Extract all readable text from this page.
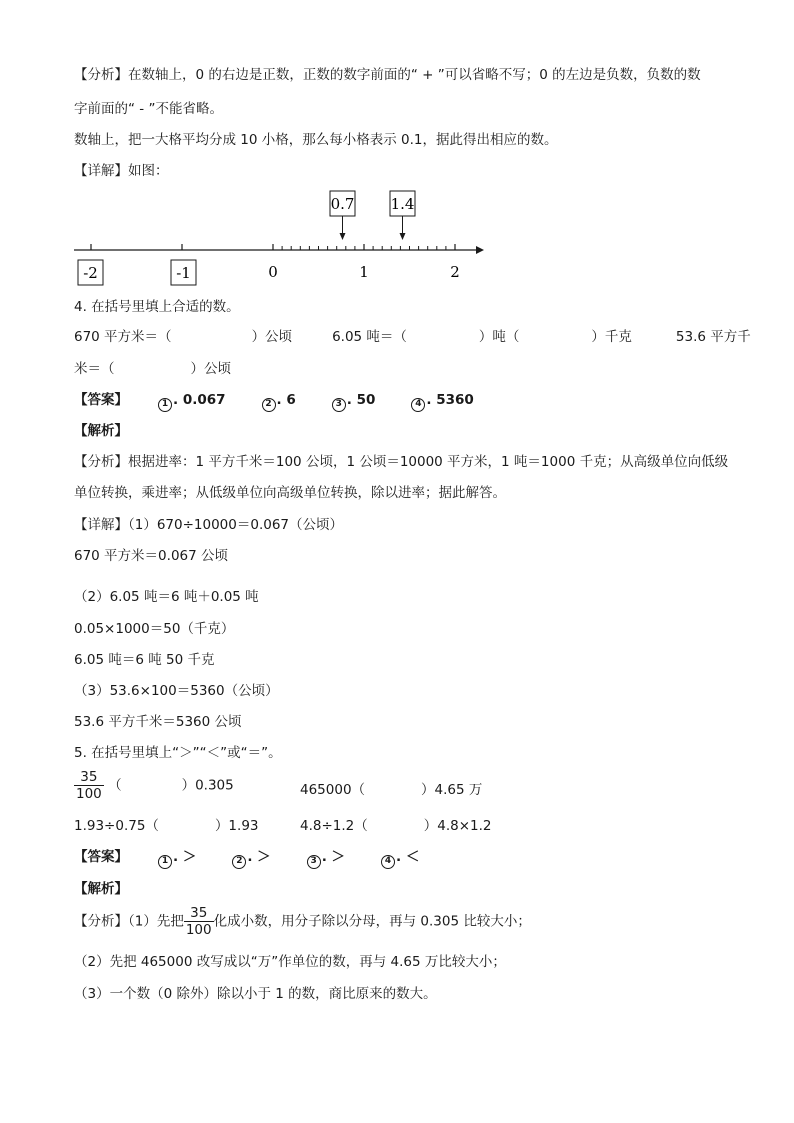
【分析】在数轴上，0 的右边是正数，正数的数字前面的“ + ”可以省略不写；0 的左边是负数，负数的数
字前面的“ - ”不能省略。
数轴上，把一大格平均分成 10 小格，那么每小格表示 0.1，据此得出相应的数。
【详解】如图：
0	1	2
0.7 1.4
-2	-1
4. 在括号里填上合适的数。
670 平方米＝（	）公顷	6.05 吨＝（	）吨（	）千克	53.6 平方千
米＝（	）公顷
【答案】	1 . 0.067	2 . 6	3 . 50	4 . 5360
【解析】
【分析】根据进率：1 平方千米＝100 公顷，1 公顷＝10000 平方米，1 吨＝1000 千克；从高级单位向低级
单位转换，乘进率；从低级单位向高级单位转换，除以进率；据此解答。
【详解】（1）670÷10000＝0.067（公顷）
670 平方米＝0.067 公顷
（2）6.05 吨＝6 吨＋0.05 吨
0.05×1000＝50（千克）
6.05 吨＝6 吨 50 千克
（3）53.6×100＝5360（公顷）
53.6 平方千米＝5360 公顷
5. 在括号里填上“＞”“＜”或“＝”。
$\frac{35}{100}$ （	）0.305	465000（	）4.65 万
1.93÷0.75（	）1.93	4.8÷1.2（	）4.8×1.2
【答案】	1 . ＞	2 . ＞	3 . ＞	4 . ＜
【解析】
【分析】（1）先把 $\frac{35}{100}$ 化成小数，用分子除以分母，再与 0.305 比较大小；
（2）先把 465000 改写成以“万”作单位的数，再与 4.65 万比较大小；
（3）一个数（0 除外）除以小于 1 的数，商比原来的数大。
